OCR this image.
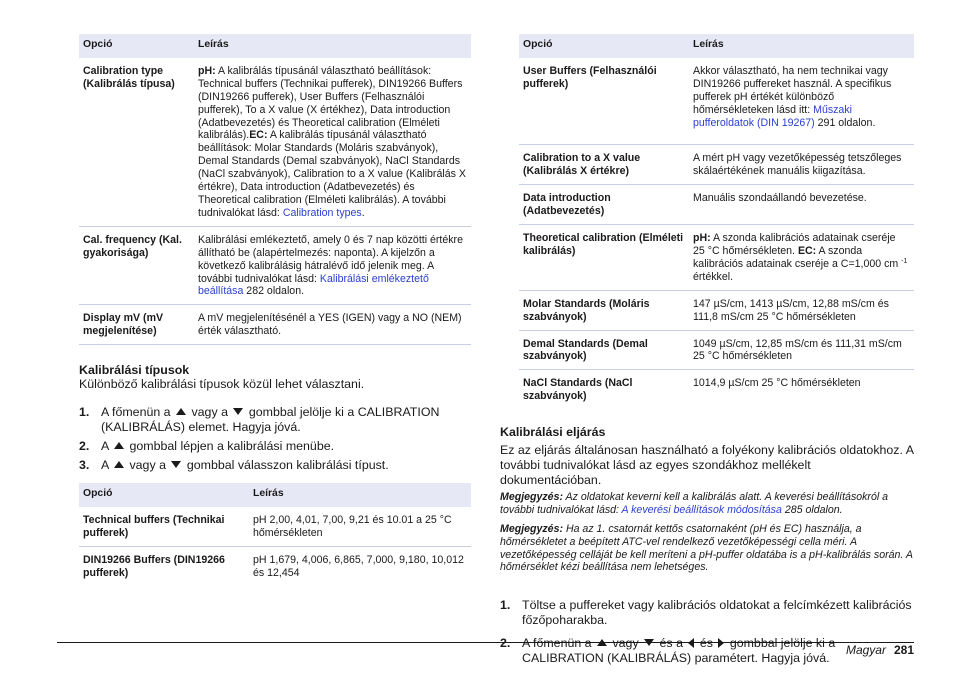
Opció	Leírás
Calibration type (Kalibrálás típusa)	pH: A kalibrálás típusánál választható beállítások: Technical buffers (Technikai pufferek), DIN19266 Buffers (DIN19266 pufferek), User Buffers (Felhasználói pufferek), To a X value (X értékhez), Data introduction (Adatbevezetés) és Theoretical calibration (Elméleti kalibrálás).EC: A kalibrálás típusánál választható beállítások: Molar Standards (Moláris szabványok), Demal Standards (Demal szabványok), NaCl Standards (NaCl szabványok), Calibration to a X value (Kalibrálás X értékre), Data introduction (Adatbevezetés) és Theoretical calibration (Elméleti kalibrálás). A további tudnivalókat lásd: Calibration types.
Cal. frequency (Kal. gyakorisága)	Kalibrálási emlékeztető, amely 0 és 7 nap közötti értékre állítható be (alapértelmezés: naponta). A kijelzőn a következő kalibrálásig hátralévő idő jelenik meg. A további tudnivalókat lásd: Kalibrálási emlékeztető beállítása 282 oldalon.
Display mV (mV megjelenítése)	A mV megjelenítésénél a YES (IGEN) vagy a NO (NEM) érték választható.
Kalibrálási típusok

Különböző kalibrálási típusok közül lehet választani.

1. A főmenün a  vagy a  gombbal jelölje ki a CALIBRATION (KALIBRÁLÁS) elemet. Hagyja jóvá.
2. A  gombbal lépjen a kalibrálási menübe.
3. A  vagy a  gombbal válasszon kalibrálási típust.
Opció	Leírás
Technical buffers (Technikai pufferek)	pH 2,00, 4,01, 7,00, 9,21 és 10.01 a 25 °C hőmérsékleten
DIN19266 Buffers (DIN19266 pufferek)	pH 1,679, 4,006, 6,865, 7,000, 9,180, 10,012 és 12,454
Opció	Leírás
User Buffers (Felhasználói pufferek)	Akkor választható, ha nem technikai vagy DIN19266 puffereket használ. A specifikus pufferek pH értékét különböző hőmérsékleteken lásd itt: Műszaki pufferoldatok (DIN 19267) 291 oldalon.
Calibration to a X value (Kalibrálás X értékre)	A mért pH vagy vezetőképesség tetszőleges skálaértékének manuális kiigazítása.
Data introduction (Adatbevezetés)	Manuális szondaállandó bevezetése.
Theoretical calibration (Elméleti kalibrálás)	pH: A szonda kalibrációs adatainak cseréje 25 °C hőmérsékleten. EC: A szonda kalibrációs adatainak cseréje a C=1,000 cm $^{-1}$ értékkel.
Molar Standards (Moláris szabványok)	147 µS/cm, 1413 µS/cm, 12,88 mS/cm és 111,8 mS/cm 25 °C hőmérsékleten
Demal Standards (Demal szabványok)	1049 µS/cm, 12,85 mS/cm és 111,31 mS/cm 25 °C hőmérsékleten
NaCl Standards (NaCl szabványok)	1014,9 µS/cm 25 °C hőmérsékleten
Kalibrálási eljárás

Ez az eljárás általánosan használható a folyékony kalibrációs oldatokhoz. A további tudnivalókat lásd az egyes szondákhoz mellékelt dokumentációban.

Megjegyzés: Az oldatokat keverni kell a kalibrálás alatt. A keverési beállításokról a további tudnivalókat lásd: A keverési beállítások módosítása 285 oldalon.

Megjegyzés: Ha az 1. csatornát kettős csatornaként (pH és EC) használja, a hőmérsékletet a beépített ATC-vel rendelkező vezetőképességi cella méri. A vezetőképesség celláját be kell meríteni a pH-puffer oldatába is a pH-kalibrálás során. A hőmérséklet kézi beállítása nem lehetséges.

1. Töltse a puffereket vagy kalibrációs oldatokat a felcímkézett kalibrációs főzőpoharakba.
2. A főmenün a  vagy  és a  és  gombbal jelölje ki a CALIBRATION (KALIBRÁLÁS) paramétert. Hagyja jóvá.
Magyar 281
